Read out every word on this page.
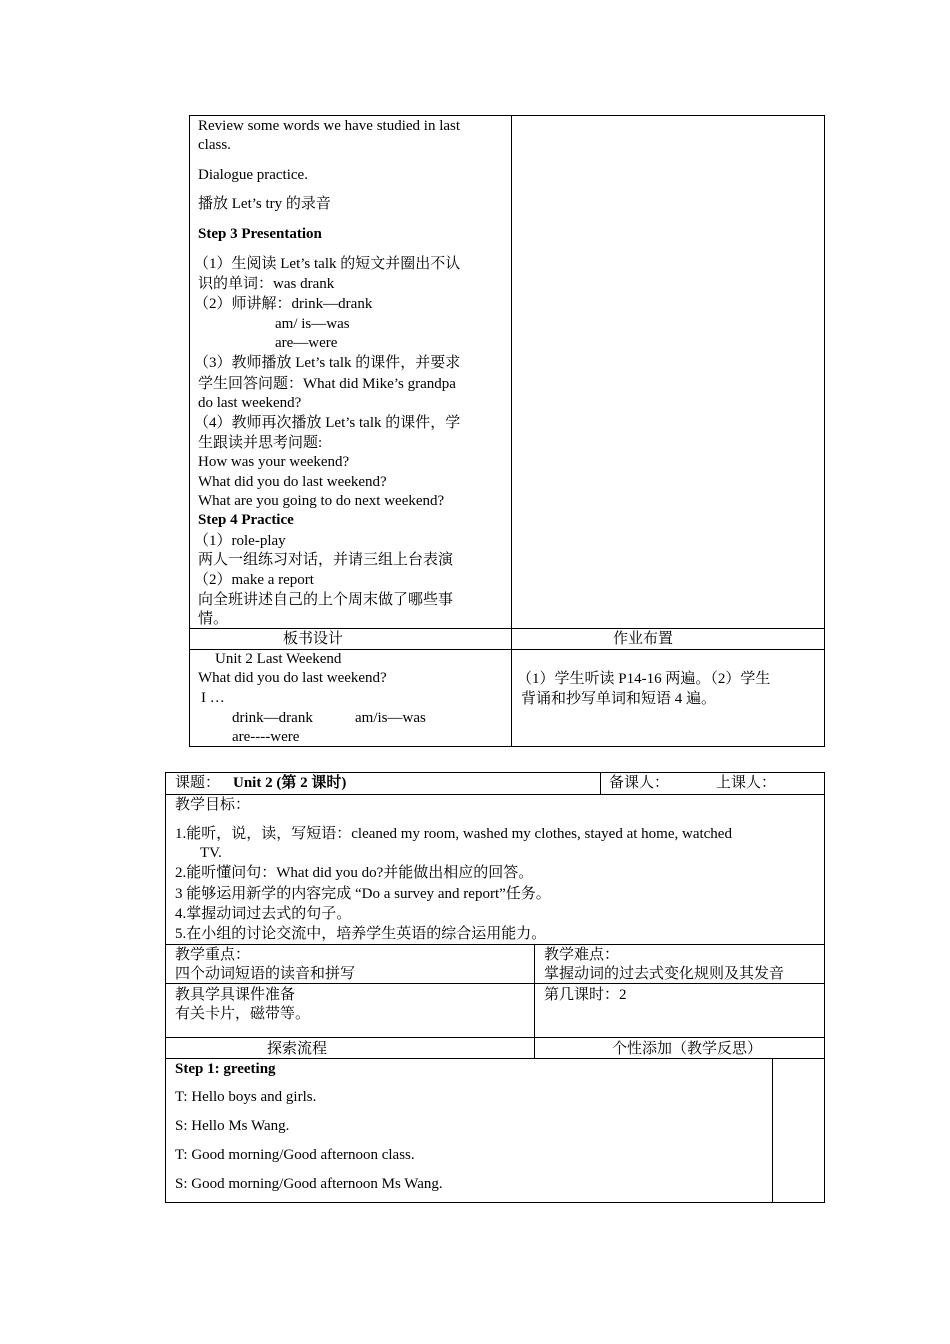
Review some words we have studied in last
class.
Dialogue practice.
播放 Let’s try 的录音
Step 3 Presentation
（1）生阅读 Let’s talk 的短文并圈出不认
识的单词：was drank
（2）师讲解：drink—drank
am/ is—was
are—were
（3）教师播放 Let’s talk 的课件，并要求
学生回答问题：What did Mike’s grandpa
do last weekend?
（4）教师再次播放 Let’s talk 的课件，学
生跟读并思考问题:
How was your weekend?
What did you do last weekend?
What are you going to do next weekend?
Step 4 Practice
（1）role-play
两人一组练习对话，并请三组上台表演
（2）make a report
向全班讲述自己的上个周末做了哪些事
情。
板书设计	作业布置
Unit 2 Last Weekend
What did you do last weekend?
I …
drink—drank	am/is—was
are----were
（1）学生听读 P14-16 两遍。（2）学生
背诵和抄写单词和短语 4 遍。
课题： Unit 2 (第 2 课时)	备课人：	上课人：
教学目标：
1.能听，说，读，写短语：cleaned my room, washed my clothes, stayed at home, watched
TV.
2.能听懂问句：What did you do?并能做出相应的回答。
3 能够运用新学的内容完成 “Do a survey and report”任务。
4.掌握动词过去式的句子。
5.在小组的讨论交流中，培养学生英语的综合运用能力。
教学重点：
四个动词短语的读音和拼写
教学难点：
掌握动词的过去式变化规则及其发音
教具学具课件准备
有关卡片，磁带等。
第几课时：2
探索流程	个性添加（教学反思）
Step 1: greeting
T: Hello boys and girls.
S: Hello Ms Wang.
T: Good morning/Good afternoon class.
S: Good morning/Good afternoon Ms Wang.
